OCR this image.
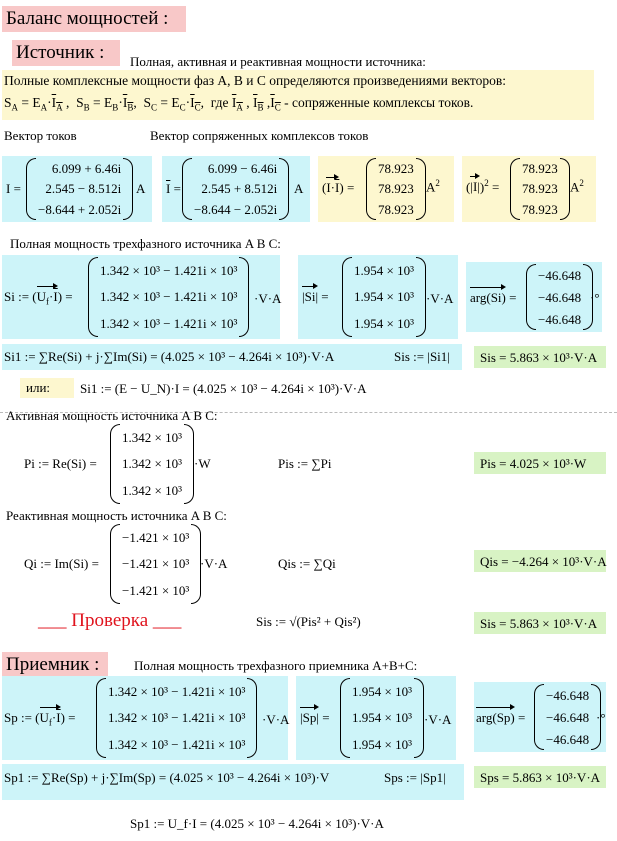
Баланс мощностей :
Источник :	Полная, активная и реактивная мощности источника:
Полные комплексные мощности фаз A, B и C определяются произведениями векторов:
$S_A = E_A\cdot I_A$ ,  $S_B = E_B\cdot I_B$,  $S_C = E_C\cdot I_C$,  где $I_A$ , $I_B$ $,I_C$ - сопряженные комплексы токов.
Вектор токов	Вектор сопряженных комплексов токов
I =
6.099 + 6.46i
2.545 − 8.512i
−8.644 + 2.052i
A $\overline{I}$ =
6.099 − 6.46i
2.545 + 8.512i
−8.644 − 2.052i
A $(I\cdot\overline{I})$ =
78.923
78.923
78.923
$A^2$ $(|I|)^2$ =
78.923
78.923
78.923
$A^2$
Полная мощность трехфазного источника A B C:
Si := $(U_f\cdot\overline{I})$ =
1.342 × 10³ − 1.421i × 10³
1.342 × 10³ − 1.421i × 10³
1.342 × 10³ − 1.421i × 10³
·V·A |Si| =
1.954 × 10³
1.954 × 10³
1.954 × 10³
·V·A arg(Si) =
−46.648
−46.648
−46.648
·°
Si1 := ∑Re(Si) + j·∑Im(Si) = (4.025 × 10³ − 4.264i × 10³)·V·A	Sis := |Si1| Sis = 5.863 × 10³·V·A
или: Si1 := (E − U_N)·I = (4.025 × 10³ − 4.264i × 10³)·V·A
Активная мощность источника A B C:
Pi := Re(Si) =
1.342 × 10³
1.342 × 10³
1.342 × 10³
·W	Pis := ∑Pi	Pis = 4.025 × 10³·W
Реактивная мощность источника A B C:
Qi := Im(Si) =
−1.421 × 10³
−1.421 × 10³
−1.421 × 10³
·V·A	Qis := ∑Qi	Qis = −4.264 × 10³·V·A
___ Проверка ___	Sis := √(Pis² + Qis²)	Sis = 5.863 × 10³·V·A
Приемник :	Полная мощность трехфазного приемника A+B+C:
Sp := $(U_f\cdot\overline{I})$ =
1.342 × 10³ − 1.421i × 10³
1.342 × 10³ − 1.421i × 10³
1.342 × 10³ − 1.421i × 10³
·V·A |Sp| =
1.954 × 10³
1.954 × 10³
1.954 × 10³
·V·A arg(Sp) =
−46.648
−46.648
−46.648
·°
Sp1 := ∑Re(Sp) + j·∑Im(Sp) = (4.025 × 10³ − 4.264i × 10³)·V	Sps := |Sp1|	Sps = 5.863 × 10³·V·A
Sp1 := U_f·I = (4.025 × 10³ − 4.264i × 10³)·V·A
